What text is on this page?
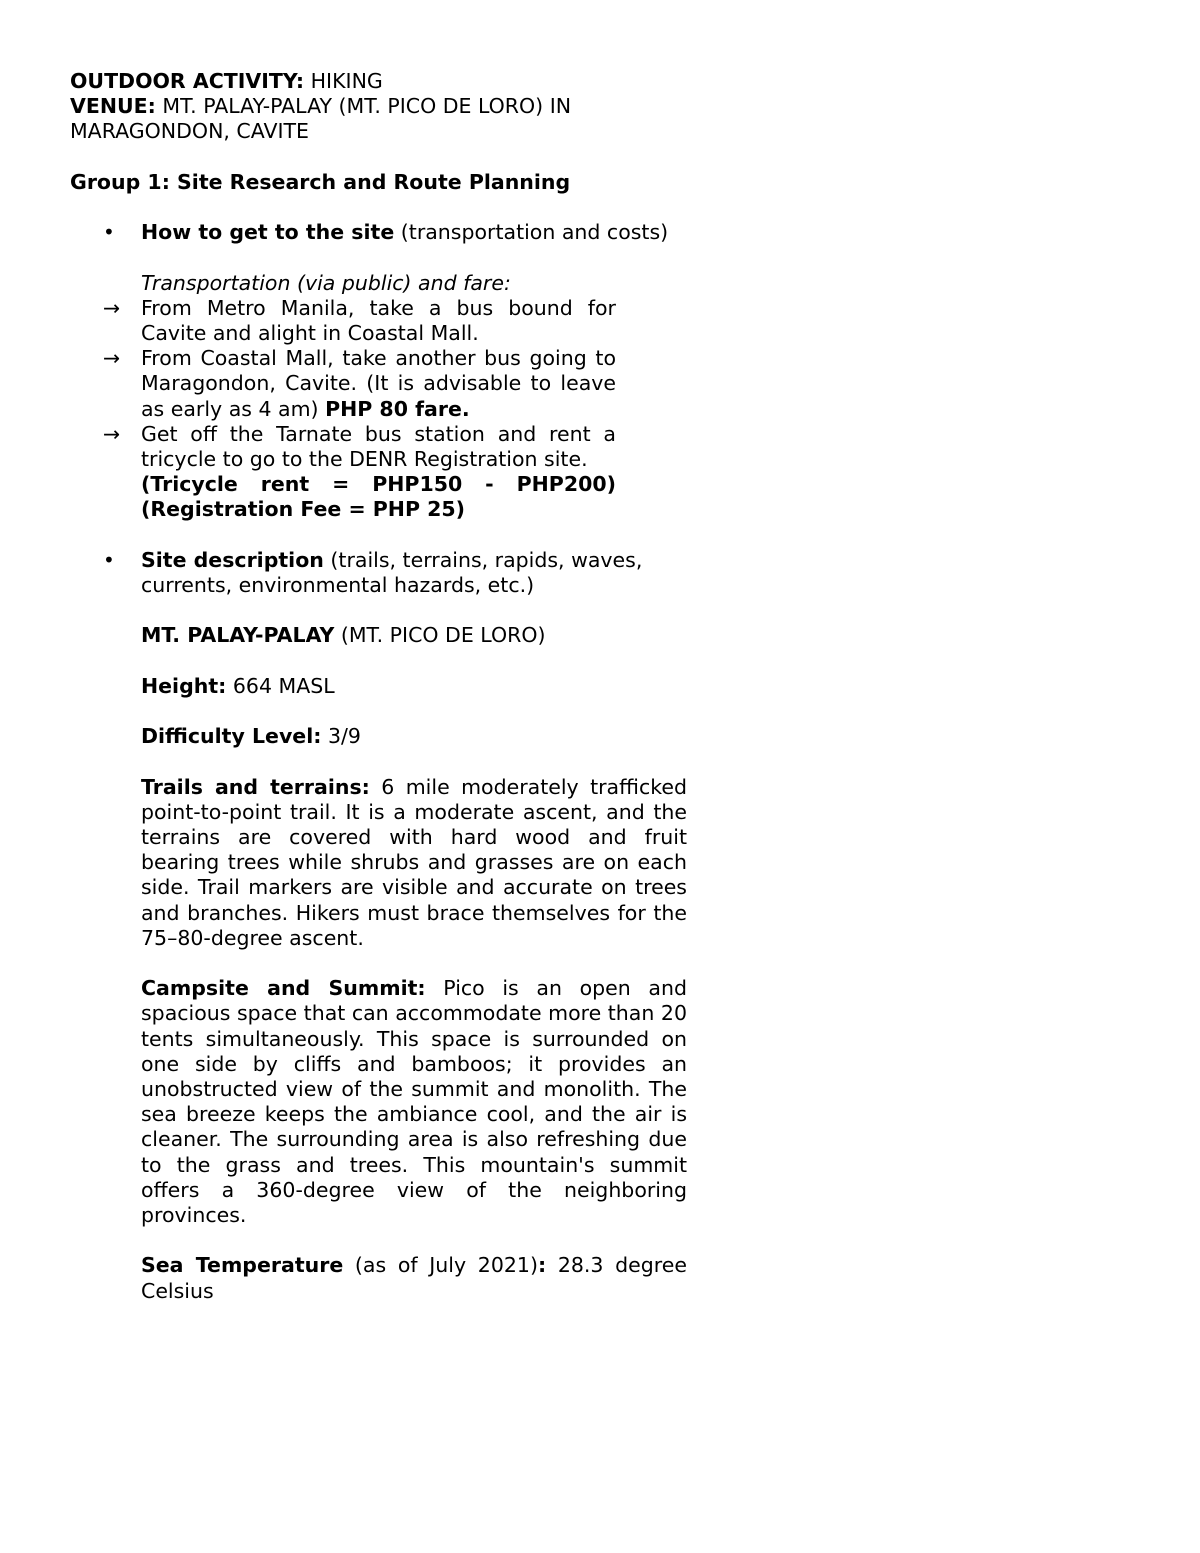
OUTDOOR ACTIVITY: HIKING

VENUE: MT. PALAY-PALAY (MT. PICO DE LORO) IN MARAGONDON, CAVITE

Group 1: Site Research and Route Planning

• How to get to the site (transportation and costs)

Transportation (via public) and fare:

→ From Metro Manila, take a bus bound for Cavite and alight in Coastal Mall.
→ From Coastal Mall, take another bus going to Maragondon, Cavite. (It is advisable to leave as early as 4 am) PHP 80 fare.
→ Get off the Tarnate bus station and rent a tricycle to go to the DENR Registration site.
(Tricycle rent = PHP150 - PHP200)
(Registration Fee = PHP 25)
• Site description (trails, terrains, rapids, waves, currents, environmental hazards, etc.)

MT. PALAY-PALAY (MT. PICO DE LORO)

Height: 664 MASL

Difficulty Level: 3/9

Trails and terrains: 6 mile moderately trafficked point-to-point trail. It is a moderate ascent, and the terrains are covered with hard wood and fruit bearing trees while shrubs and grasses are on each side. Trail markers are visible and accurate on trees and branches. Hikers must brace themselves for the 75–80-degree ascent.

Campsite and Summit: Pico is an open and spacious space that can accommodate more than 20 tents simultaneously. This space is surrounded on one side by cliffs and bamboos; it provides an unobstructed view of the summit and monolith. The sea breeze keeps the ambiance cool, and the air is cleaner. The surrounding area is also refreshing due to the grass and trees. This mountain's summit offers a 360-degree view of the neighboring provinces.

Sea Temperature (as of July 2021): 28.3 degree Celsius
